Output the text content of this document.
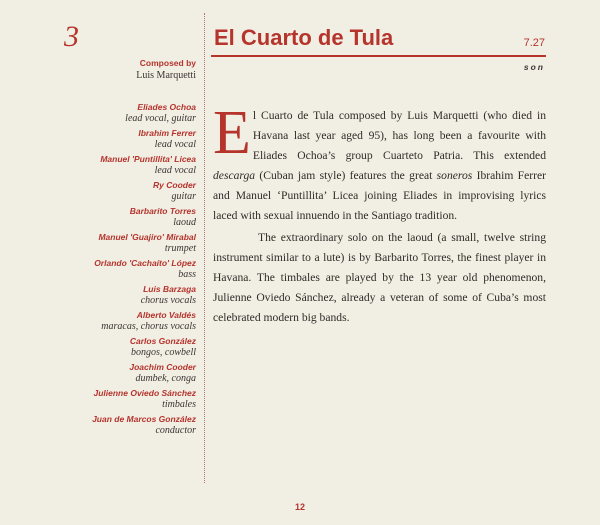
3
Composed by
Luis Marquetti
Eliades Ochoa
lead vocal, guitar
Ibrahim Ferrer
lead vocal
Manuel 'Puntillita' Licea
lead vocal
Ry Cooder
guitar
Barbarito Torres
laoud
Manuel 'Guajiro' Mirabal
trumpet
Orlando 'Cachaíto' López
bass
Luis Barzaga
chorus vocals
Alberto Valdés
maracas, chorus vocals
Carlos González
bongos, cowbell
Joachim Cooder
dumbek, conga
Julienne Oviedo Sánchez
timbales
Juan de Marcos González
conductor
El Cuarto de Tula	7.27
son

El Cuarto de Tula composed by Luis Marquetti (who died in Havana last year aged 95), has long been a favourite with Eliades Ochoa’s group Cuarteto Patria. This extended descarga (Cuban jam style) features the great soneros Ibrahim Ferrer and Manuel ‘Puntillita’ Licea joining Eliades in improvising lyrics laced with sexual innuendo in the Santiago tradition.

The extraordinary solo on the laoud (a small, twelve string instrument similar to a lute) is by Barbarito Torres, the finest player in Havana. The timbales are played by the 13 year old phenomenon, Julienne Oviedo Sánchez, already a veteran of some of Cuba’s most celebrated modern big bands.

12
